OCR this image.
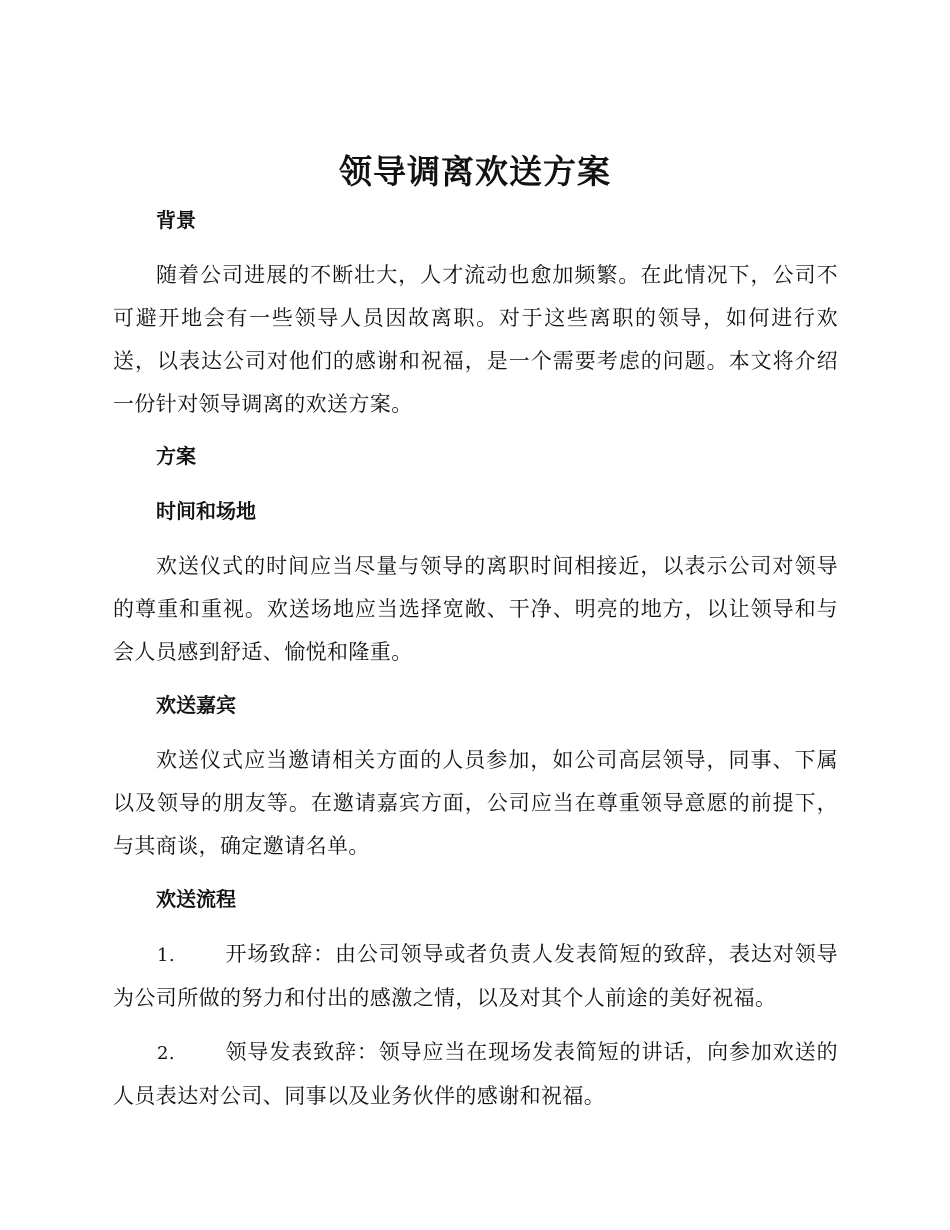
领导调离欢送方案
背景
随着公司进展的不断壮大，人才流动也愈加频繁。在此情况下，公司不可避开地会有一些领导人员因故离职。对于这些离职的领导，如何进行欢送，以表达公司对他们的感谢和祝福，是一个需要考虑的问题。本文将介绍一份针对领导调离的欢送方案。
方案
时间和场地
欢送仪式的时间应当尽量与领导的离职时间相接近，以表示公司对领导的尊重和重视。欢送场地应当选择宽敞、干净、明亮的地方，以让领导和与会人员感到舒适、愉悦和隆重。
欢送嘉宾
欢送仪式应当邀请相关方面的人员参加，如公司高层领导，同事、下属以及领导的朋友等。在邀请嘉宾方面，公司应当在尊重领导意愿的前提下，与其商谈，确定邀请名单。
欢送流程
1. 开场致辞：由公司领导或者负责人发表简短的致辞，表达对领导为公司所做的努力和付出的感激之情，以及对其个人前途的美好祝福。
2. 领导发表致辞：领导应当在现场发表简短的讲话，向参加欢送的人员表达对公司、同事以及业务伙伴的感谢和祝福。
